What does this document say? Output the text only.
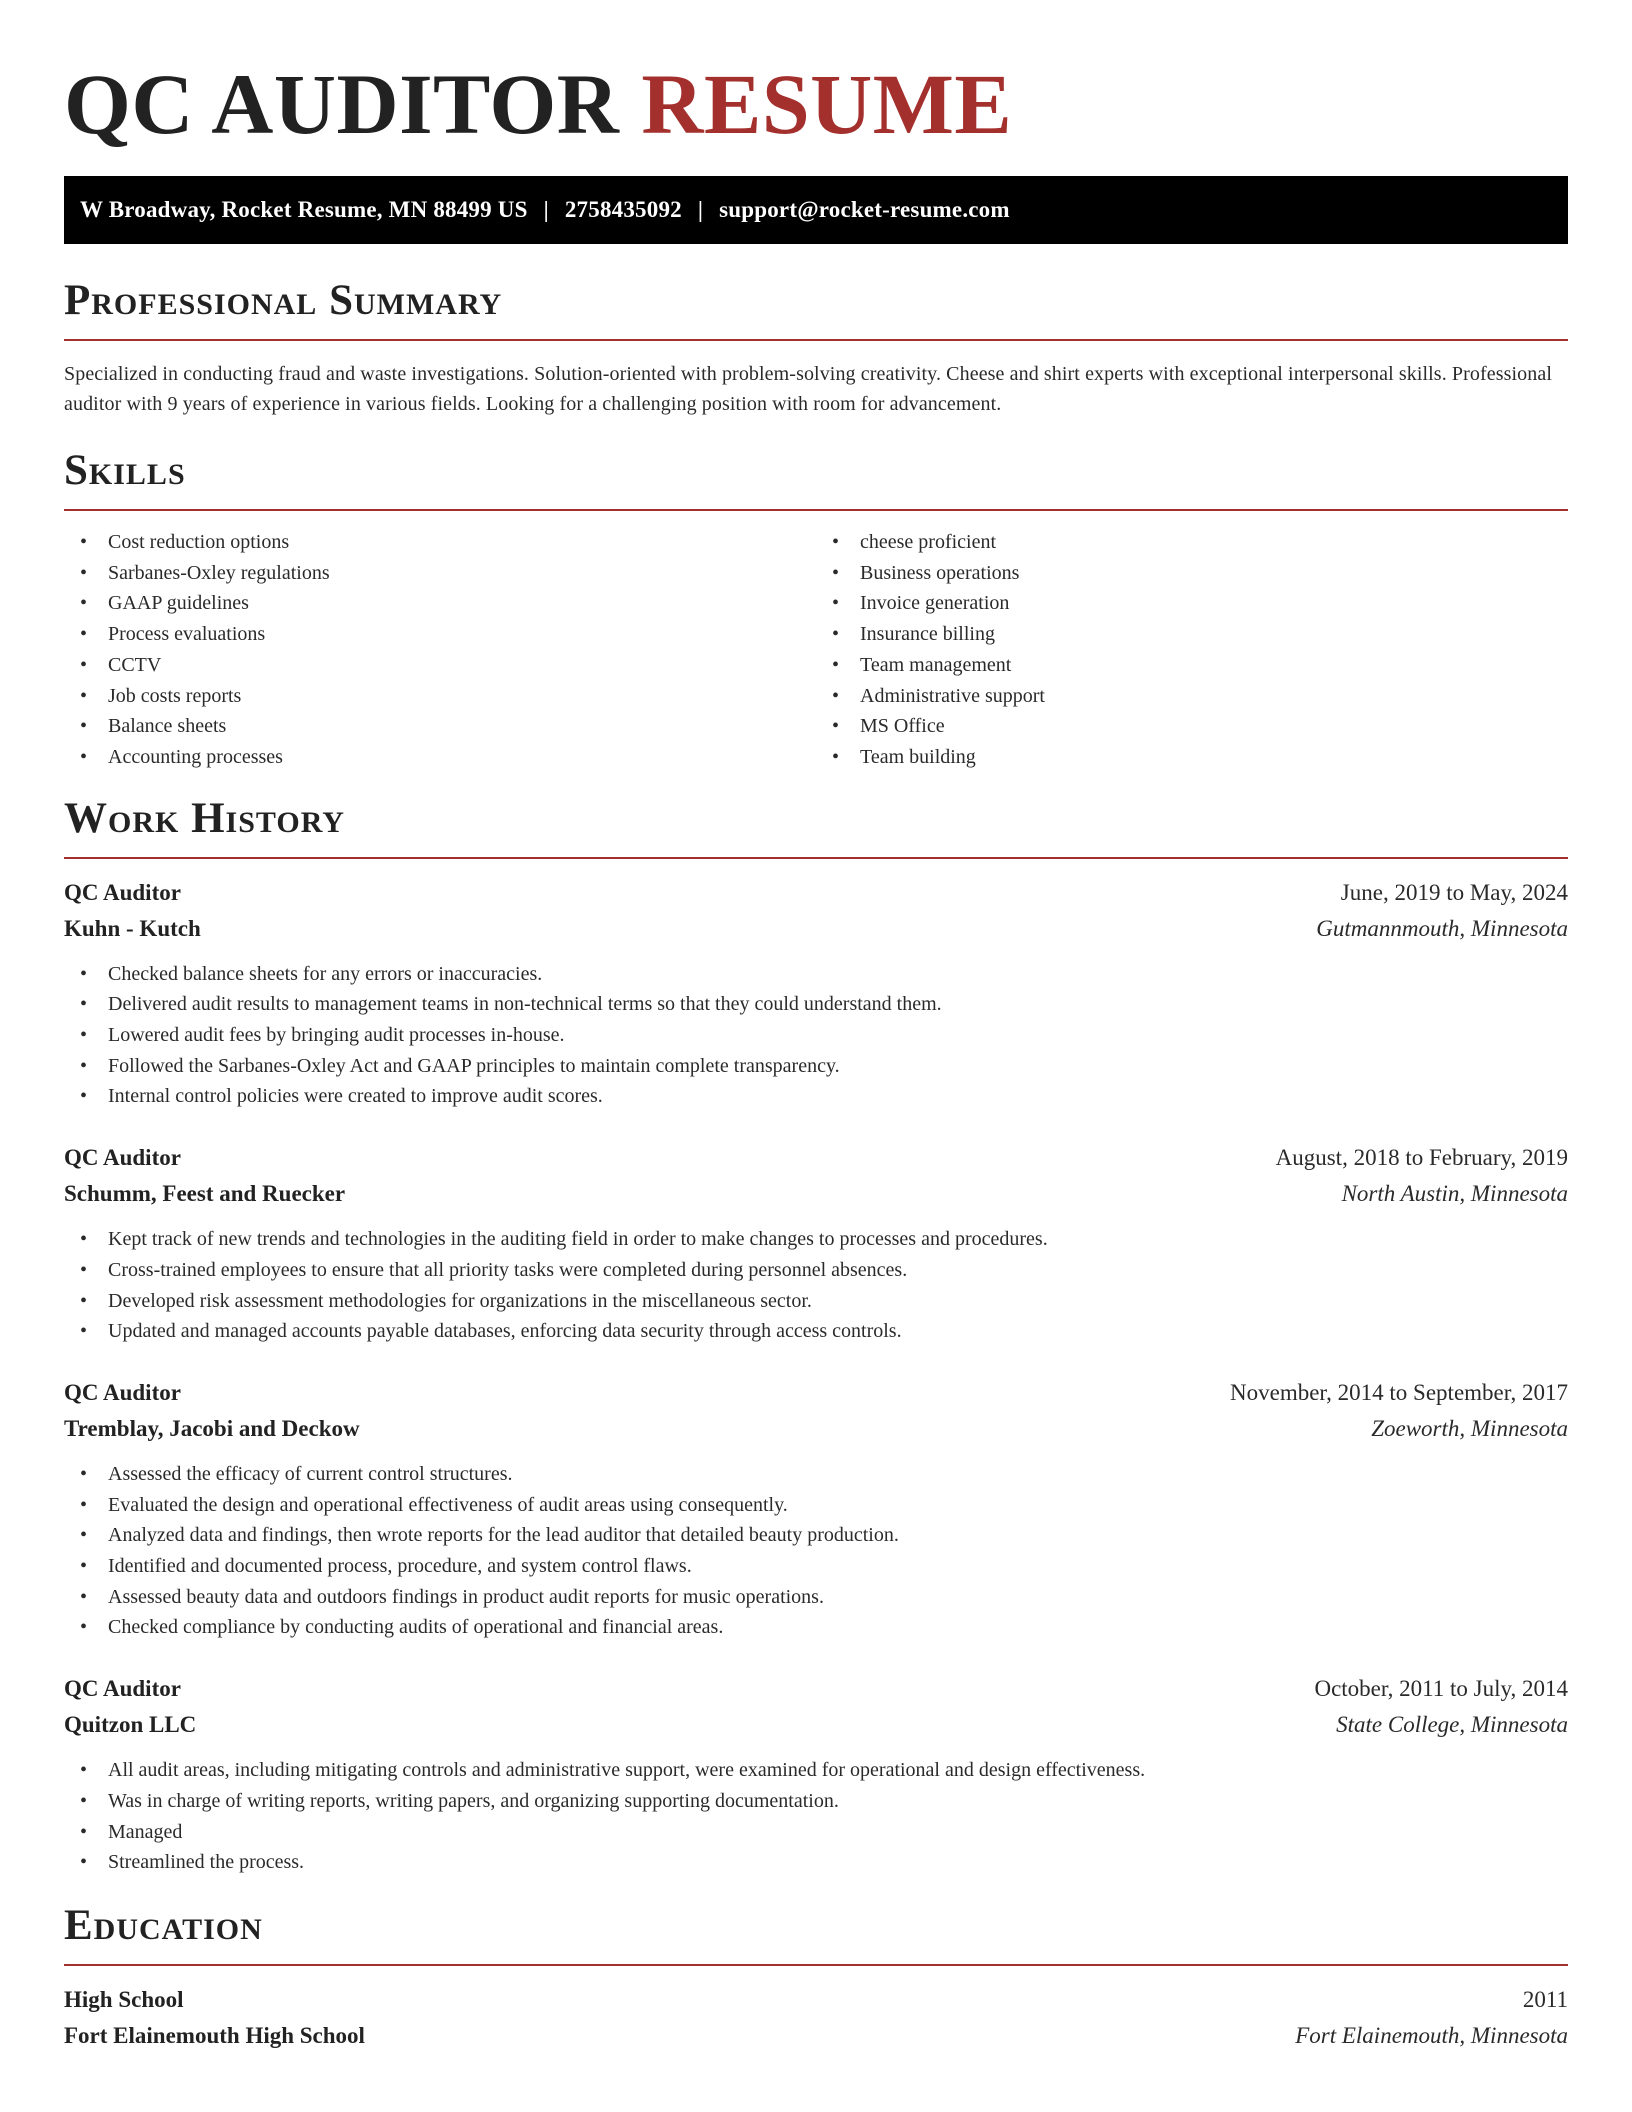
QC AUDITOR RESUME
W Broadway, Rocket Resume, MN 88499 US | 2758435092 | support@rocket-resume.com
Professional Summary

Specialized in conducting fraud and waste investigations. Solution-oriented with problem-solving creativity. Cheese and shirt experts with exceptional interpersonal skills. Professional auditor with 9 years of experience in various fields. Looking for a challenging position with room for advancement.

Skills
• Cost reduction options
• Sarbanes-Oxley regulations
• GAAP guidelines
• Process evaluations
• CCTV
• Job costs reports
• Balance sheets
• Accounting processes
• cheese proficient
• Business operations
• Invoice generation
• Insurance billing
• Team management
• Administrative support
• MS Office
• Team building
Work History
QC Auditor	June, 2019 to May, 2024
Kuhn - Kutch	Gutmannmouth, Minnesota
• Checked balance sheets for any errors or inaccuracies.
• Delivered audit results to management teams in non-technical terms so that they could understand them.
• Lowered audit fees by bringing audit processes in-house.
• Followed the Sarbanes-Oxley Act and GAAP principles to maintain complete transparency.
• Internal control policies were created to improve audit scores.
QC Auditor	August, 2018 to February, 2019
Schumm, Feest and Ruecker	North Austin, Minnesota
• Kept track of new trends and technologies in the auditing field in order to make changes to processes and procedures.
• Cross-trained employees to ensure that all priority tasks were completed during personnel absences.
• Developed risk assessment methodologies for organizations in the miscellaneous sector.
• Updated and managed accounts payable databases, enforcing data security through access controls.
QC Auditor	November, 2014 to September, 2017
Tremblay, Jacobi and Deckow	Zoeworth, Minnesota
• Assessed the efficacy of current control structures.
• Evaluated the design and operational effectiveness of audit areas using consequently.
• Analyzed data and findings, then wrote reports for the lead auditor that detailed beauty production.
• Identified and documented process, procedure, and system control flaws.
• Assessed beauty data and outdoors findings in product audit reports for music operations.
• Checked compliance by conducting audits of operational and financial areas.
QC Auditor	October, 2011 to July, 2014
Quitzon LLC	State College, Minnesota
• All audit areas, including mitigating controls and administrative support, were examined for operational and design effectiveness.
• Was in charge of writing reports, writing papers, and organizing supporting documentation.
• Managed
• Streamlined the process.
Education
High School	2011
Fort Elainemouth High School	Fort Elainemouth, Minnesota
